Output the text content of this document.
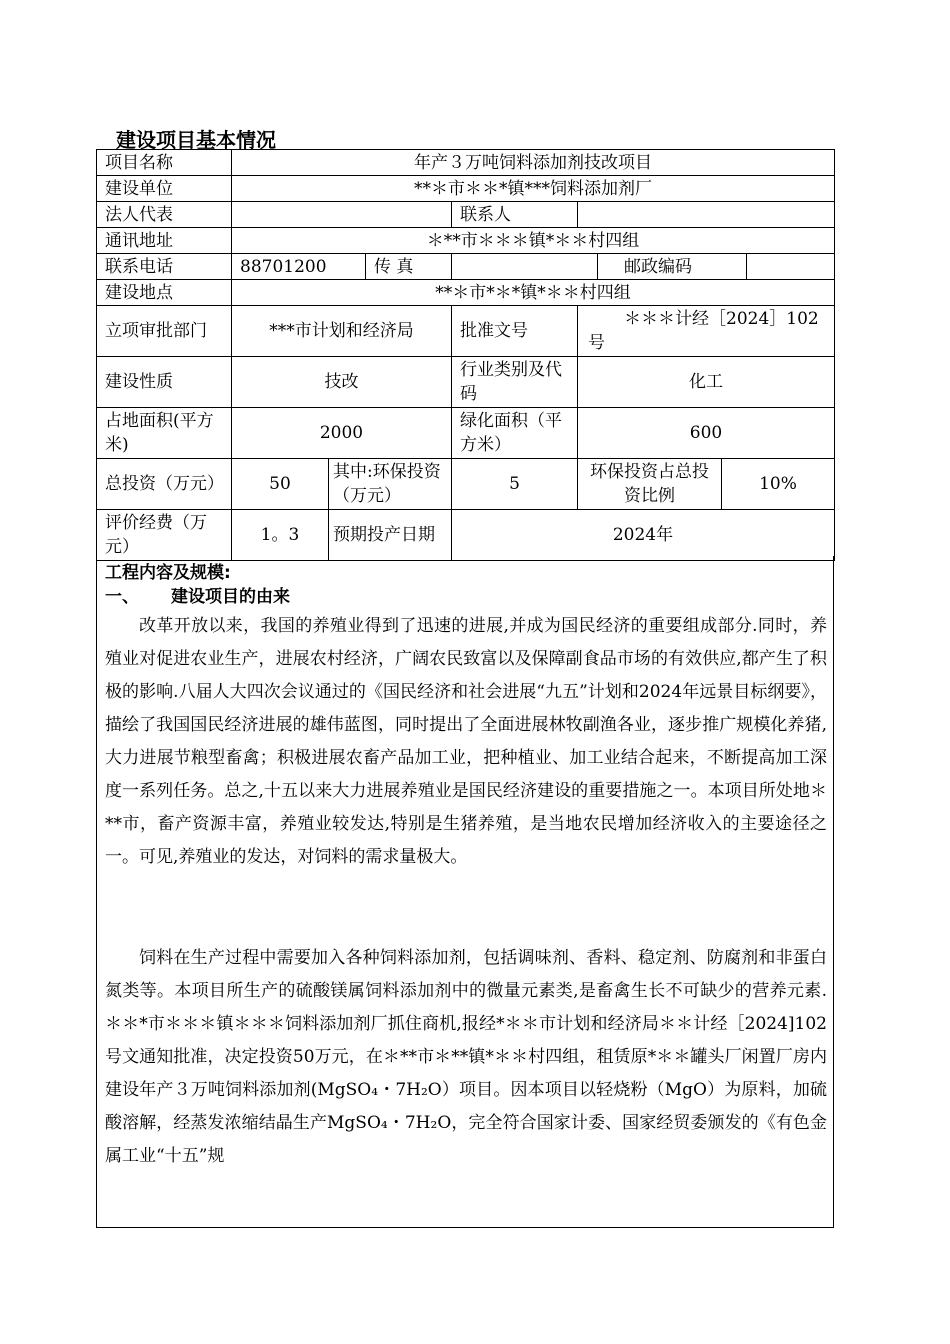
建设项目基本情况
项目名称	年产３万吨饲料添加剂技改项目							
建设单位	**＊市＊＊*镇***饲料添加剂厂							
法人代表				联系人				
通讯地址	＊**市＊＊＊镇*＊＊村四组							
联系电话	88701200		传 真			邮政编码		
建设地点	**＊市*＊*镇*＊＊村四组							
立项审批部门	***市计划和经济局			批准文号	＊＊＊计经［2024］102号			
建设性质	技改			行业类别及代码	化工			
占地面积(平方米)	2000			绿化面积（平方米）	600			
总投资（万元）	50	其中:环保投资（万元）		5	环保投资占总投资比例		10%	
评价经费（万元）	1。3	预期投产日期		2024年				
工程内容及规模:
一、 建设项目的由来
改革开放以来，我国的养殖业得到了迅速的进展,并成为国民经济的重要组成部分.同时，养殖业对促进农业生产，进展农村经济，广阔农民致富以及保障副食品市场的有效供应,都产生了积极的影响.八届人大四次会议通过的《国民经济和社会进展“九五”计划和2024年远景目标纲要》，描绘了我国国民经济进展的雄伟蓝图，同时提出了全面进展林牧副渔各业，逐步推广规模化养猪,大力进展节粮型畜禽；积极进展农畜产品加工业，把种植业、加工业结合起来，不断提高加工深度一系列任务。总之,十五以来大力进展养殖业是国民经济建设的重要措施之一。本项目所处地＊**市，畜产资源丰富，养殖业较发达,特别是生猪养殖，是当地农民增加经济收入的主要途径之一。可见,养殖业的发达，对饲料的需求量极大。
饲料在生产过程中需要加入各种饲料添加剂，包括调味剂、香料、稳定剂、防腐剂和非蛋白氮类等。本项目所生产的硫酸镁属饲料添加剂中的微量元素类,是畜禽生长不可缺少的营养元素.＊＊*市＊＊＊镇＊＊＊饲料添加剂厂抓住商机,报经*＊＊市计划和经济局＊＊计经［2024]102号文通知批准，决定投资50万元，在＊**市＊**镇*＊＊村四组，租赁原*＊＊罐头厂闲置厂房内建设年产３万吨饲料添加剂(MgSO₄・7H₂O）项目。因本项目以轻烧粉（MgO）为原料，加硫酸溶解，经蒸发浓缩结晶生产MgSO₄・7H₂O，完全符合国家计委、国家经贸委颁发的《有色金属工业“十五”规
